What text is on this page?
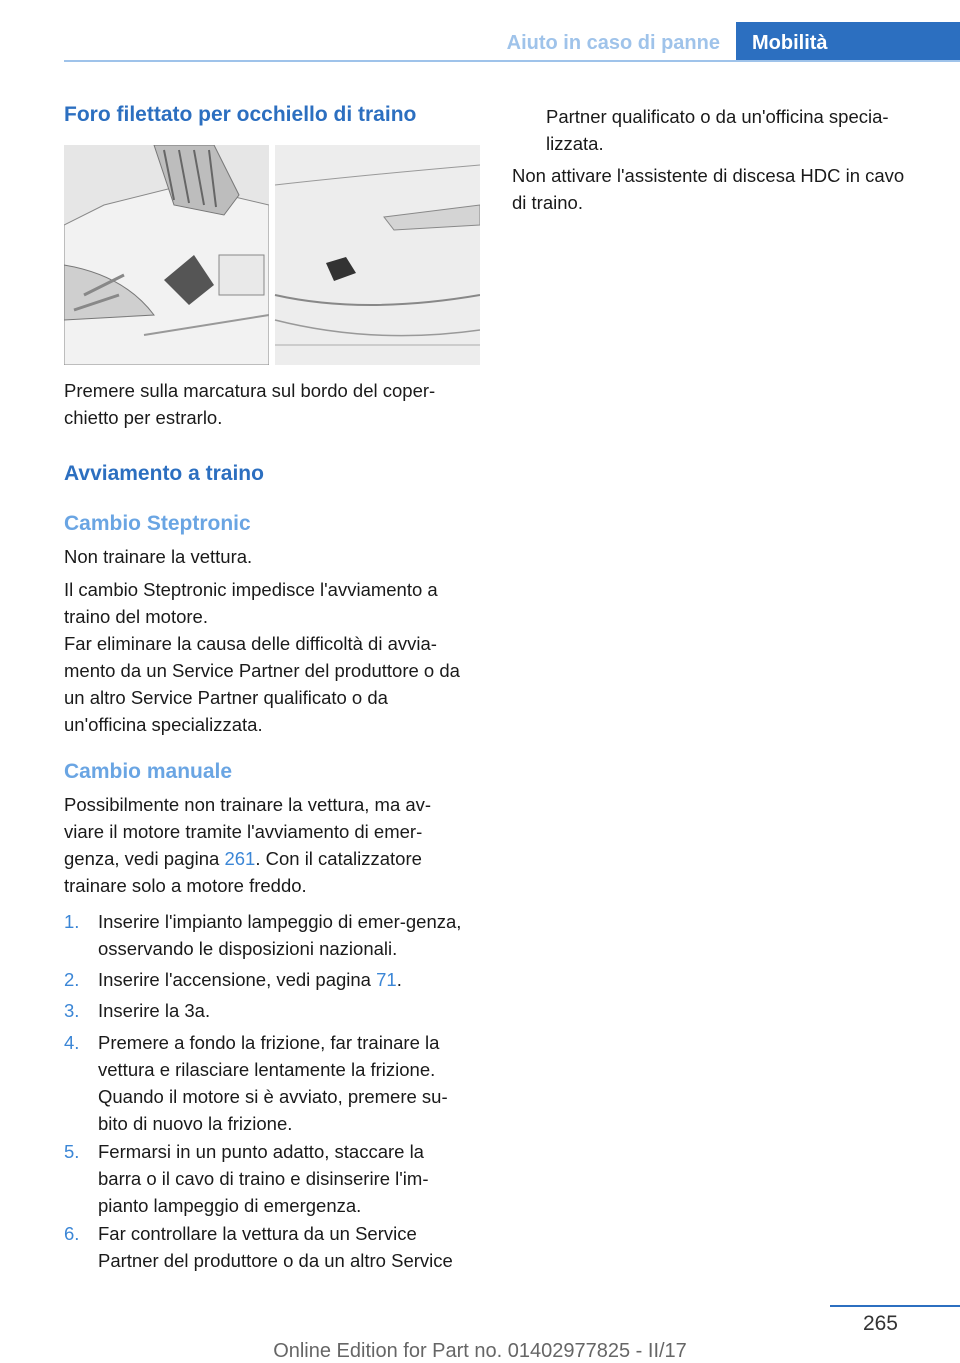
Aiuto in caso di panne	Mobilità
Foro filettato per occhiello di traino

Premere sulla marcatura sul bordo del coper-chietto per estrarlo.

Avviamento a traino
Cambio Steptronic

Non trainare la vettura.

Il cambio Steptronic impedisce l'avviamento a traino del motore.

Far eliminare la causa delle difficoltà di avvia-mento da un Service Partner del produttore o da un altro Service Partner qualificato o da un'officina specializzata.

Cambio manuale

Possibilmente non trainare la vettura, ma av-viare il motore tramite l'avviamento di emer-genza, vedi pagina 261. Con il catalizzatore trainare solo a motore freddo.

1. Inserire l'impianto lampeggio di emer-genza, osservando le disposizioni nazionali.
2. Inserire l'accensione, vedi pagina 71.
3. Inserire la 3a.
4. Premere a fondo la frizione, far trainare la vettura e rilasciare lentamente la frizione. Quando il motore si è avviato, premere su-bito di nuovo la frizione.
5. Fermarsi in un punto adatto, staccare la barra o il cavo di traino e disinserire l'im-pianto lampeggio di emergenza.
6. Far controllare la vettura da un Service Partner del produttore o da un altro Service

Partner qualificato o da un'officina specia-lizzata.

Non attivare l'assistente di discesa HDC in cavo di traino.

265
Online Edition for Part no. 01402977825 - II/17
